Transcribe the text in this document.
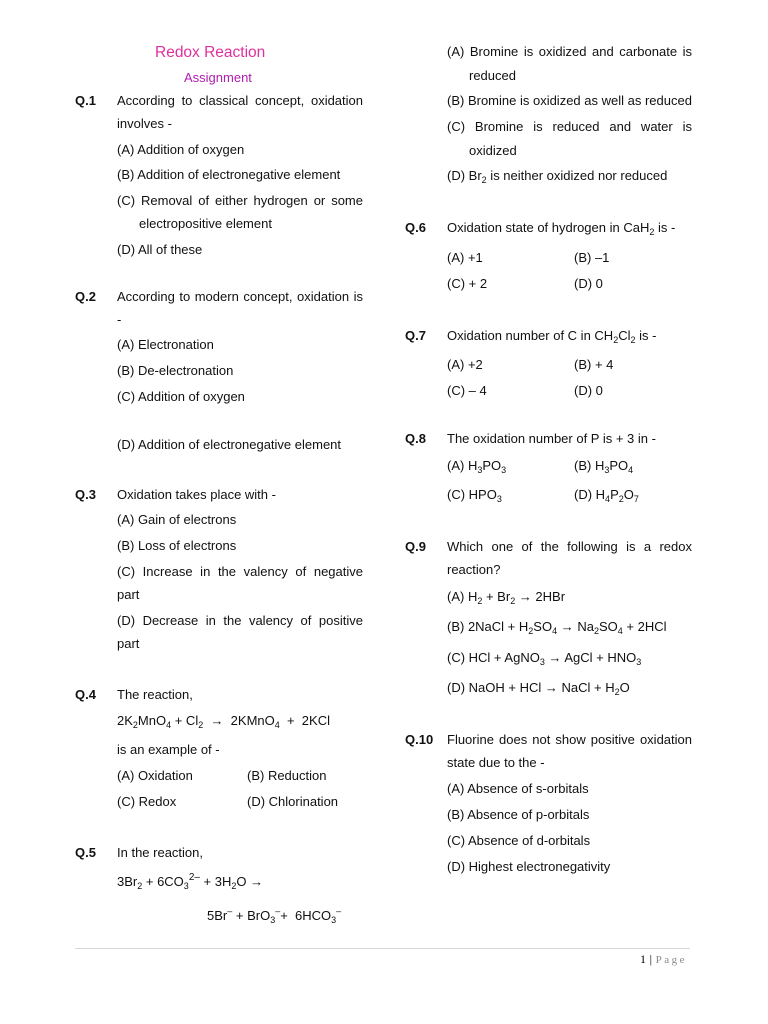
Redox Reaction
Assignment
Q.1 According to classical concept, oxidation
involves -
(A) Addition of oxygen
(B) Addition of electronegative element
(C) Removal of either hydrogen or some
electropositive element
(D) All of these
Q.2 According to modern concept, oxidation is
-
(A) Electronation
(B) De-electronation
(C) Addition of oxygen
(D) Addition of electronegative element
Q.3 Oxidation takes place with -
(A) Gain of electrons
(B) Loss of electrons
(C) Increase in the valency of negative
part
(D) Decrease in the valency of positive
part
Q.4 The reaction,
$2K_2MnO_4 + Cl_2$  →  2KMnO$_4$  +  2KCl
is an example of -
(A) Oxidation	(B) Reduction
(C) Redox	(D) Chlorination
Q.5 In the reaction,
$3Br_2 + 6CO_3^{2-} + 3H_2O$ →
$5Br^- + BrO_3^-+ 6HCO_3^-$
(A) Bromine is oxidized and carbonate is
reduced
(B) Bromine is oxidized as well as reduced
(C) Bromine is reduced and water is
oxidized
(D) $Br_2$ is neither oxidized nor reduced
Q.6 Oxidation state of hydrogen in CaH$_2$ is -
(A) +1	(B) –1
(C) + 2	(D) 0
Q.7 Oxidation number of C in $CH_2Cl_2$ is -
(A) +2	(B) + 4
(C) – 4	(D) 0
Q.8 The oxidation number of P is + 3 in -
(A) $H_3PO_3$	(B) $H_3PO_4$
(C) $HPO_3$	(D) $H_4P_2O_7$
Q.9 Which one of the following is a redox
reaction?
(A) $H_2 + Br_2 \to 2HBr$
(B) 2NaCl + $H_2SO_4 \to Na_2SO_4 + 2HCl$
(C) HCl + AgNO$_3$ → AgCl + $HNO_3$
(D) NaOH + HCl → NaCl + $H_2O$
Q.10 Fluorine does not show positive oxidation
state due to the -
(A) Absence of s-orbitals
(B) Absence of p-orbitals
(C) Absence of d-orbitals
(D) Highest electronegativity
1 | Page
